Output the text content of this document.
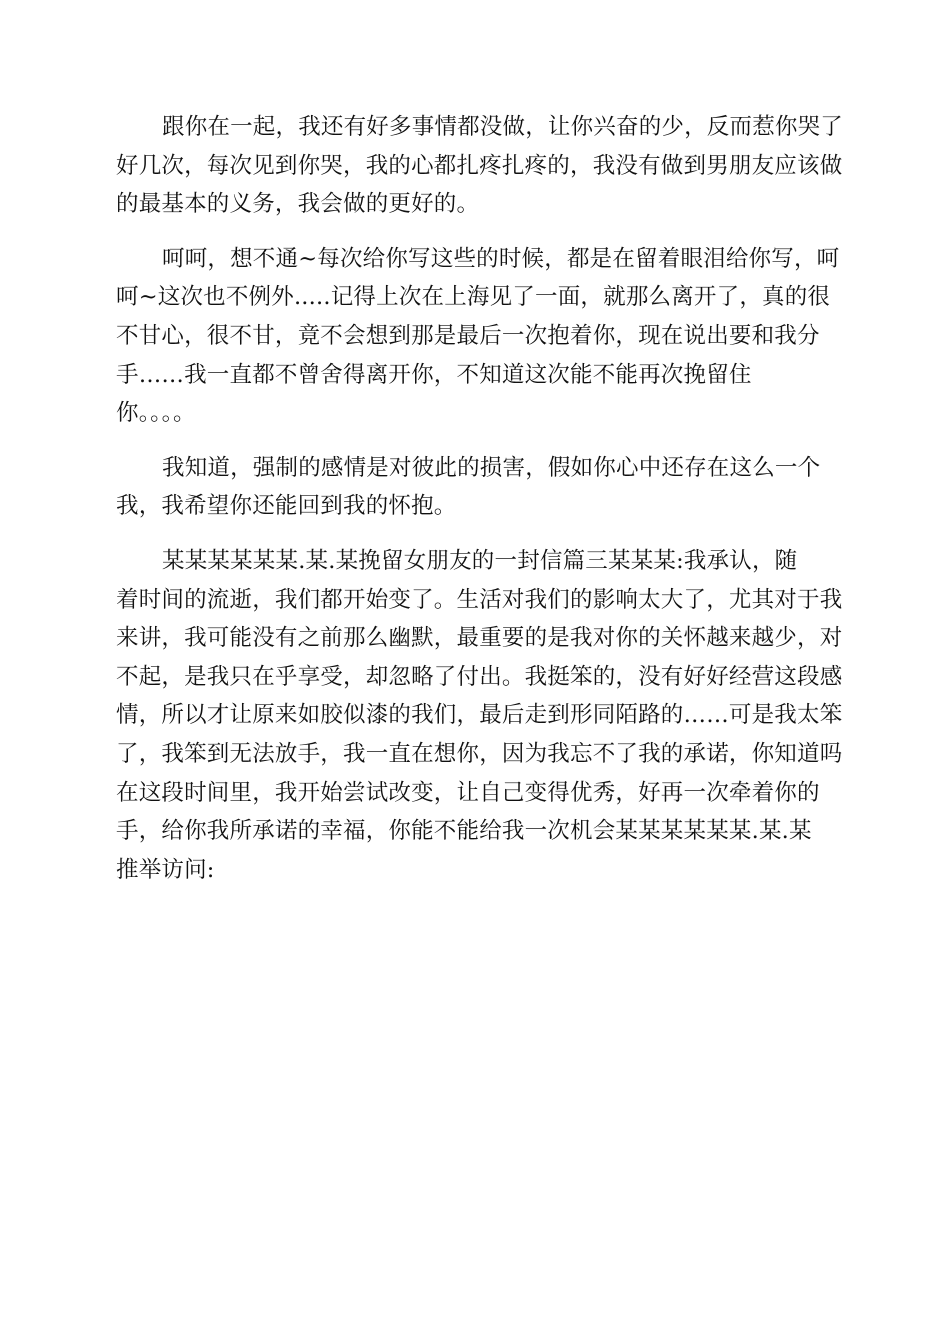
跟你在一起，我还有好多事情都没做，让你兴奋的少，反而惹你哭了
好几次，每次见到你哭，我的心都扎疼扎疼的，我没有做到男朋友应该做
的最基本的义务，我会做的更好的。
呵呵，想不通~每次给你写这些的时候，都是在留着眼泪给你写，呵
呵~这次也不例外.....记得上次在上海见了一面，就那么离开了，真的很
不甘心，很不甘，竟不会想到那是最后一次抱着你，现在说出要和我分
手……我一直都不曾舍得离开你，不知道这次能不能再次挽留住
你。。。。
我知道，强制的感情是对彼此的损害，假如你心中还存在这么一个
我，我希望你还能回到我的怀抱。
某某某某某某.某.某挽留女朋友的一封信篇三某某某:我承认，随
着时间的流逝，我们都开始变了。生活对我们的影响太大了，尤其对于我
来讲，我可能没有之前那么幽默，最重要的是我对你的关怀越来越少，对
不起，是我只在乎享受，却忽略了付出。我挺笨的，没有好好经营这段感
情，所以才让原来如胶似漆的我们，最后走到形同陌路的……可是我太笨
了，我笨到无法放手，我一直在想你，因为我忘不了我的承诺，你知道吗
在这段时间里，我开始尝试改变，让自己变得优秀，好再一次牵着你的
手，给你我所承诺的幸福，你能不能给我一次机会某某某某某某.某.某
推举访问:
